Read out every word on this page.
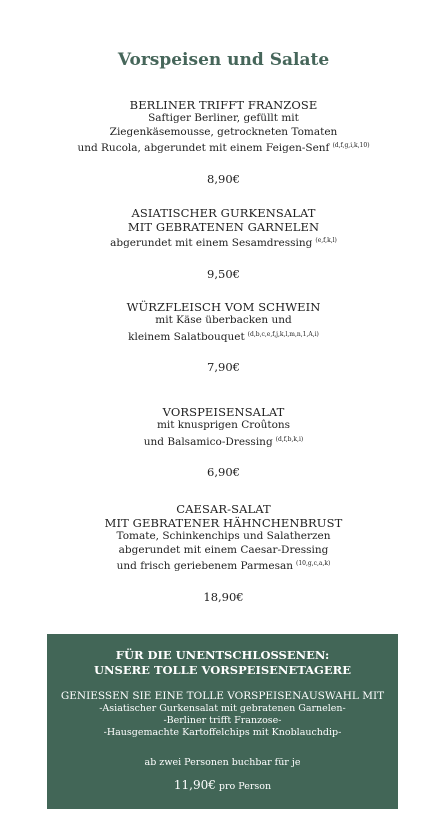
Vorspeisen und Salate
BERLINER TRIFFT FRANZOSE
Saftiger Berliner, gefüllt mit
Ziegenkäsemousse, getrockneten Tomaten
und Rucola, abgerundet mit einem Feigen-Senf $^{(d,f,g,i,k,10)}$
8,90€
ASIATISCHER GURKENSALAT
MIT GEBRATENEN GARNELEN
abgerundet mit einem Sesamdressing $^{(e,f,k,l)}$
9,50€
WÜRZFLEISCH VOM SCHWEIN
mit Käse überbacken und
kleinem Salatbouquet $^{(d,b,c,e,f,j,k,l,m,n,1,A,i)}$
7,90€
VORSPEISENSALAT
mit knusprigen Croûtons
und Balsamico-Dressing $^{(d,f,b,k,i)}$
6,90€
CAESAR-SALAT
MIT GEBRATENER HÄHNCHENBRUST
Tomate, Schinkenchips und Salatherzen
abgerundet mit einem Caesar-Dressing
und frisch geriebenem Parmesan $^{(10,g,c,a,k)}$
18,90€
FÜR DIE UNENTSCHLOSSENEN:
UNSERE TOLLE VORSPEISENETAGERE
GENIESSEN SIE EINE TOLLE VORSPEISENAUSWAHL MIT
-Asiatischer Gurkensalat mit gebratenen Garnelen-
-Berliner trifft Franzose-
-Hausgemachte Kartoffelchips mit Knoblauchdip-
ab zwei Personen buchbar für je
11,90€ pro Person
